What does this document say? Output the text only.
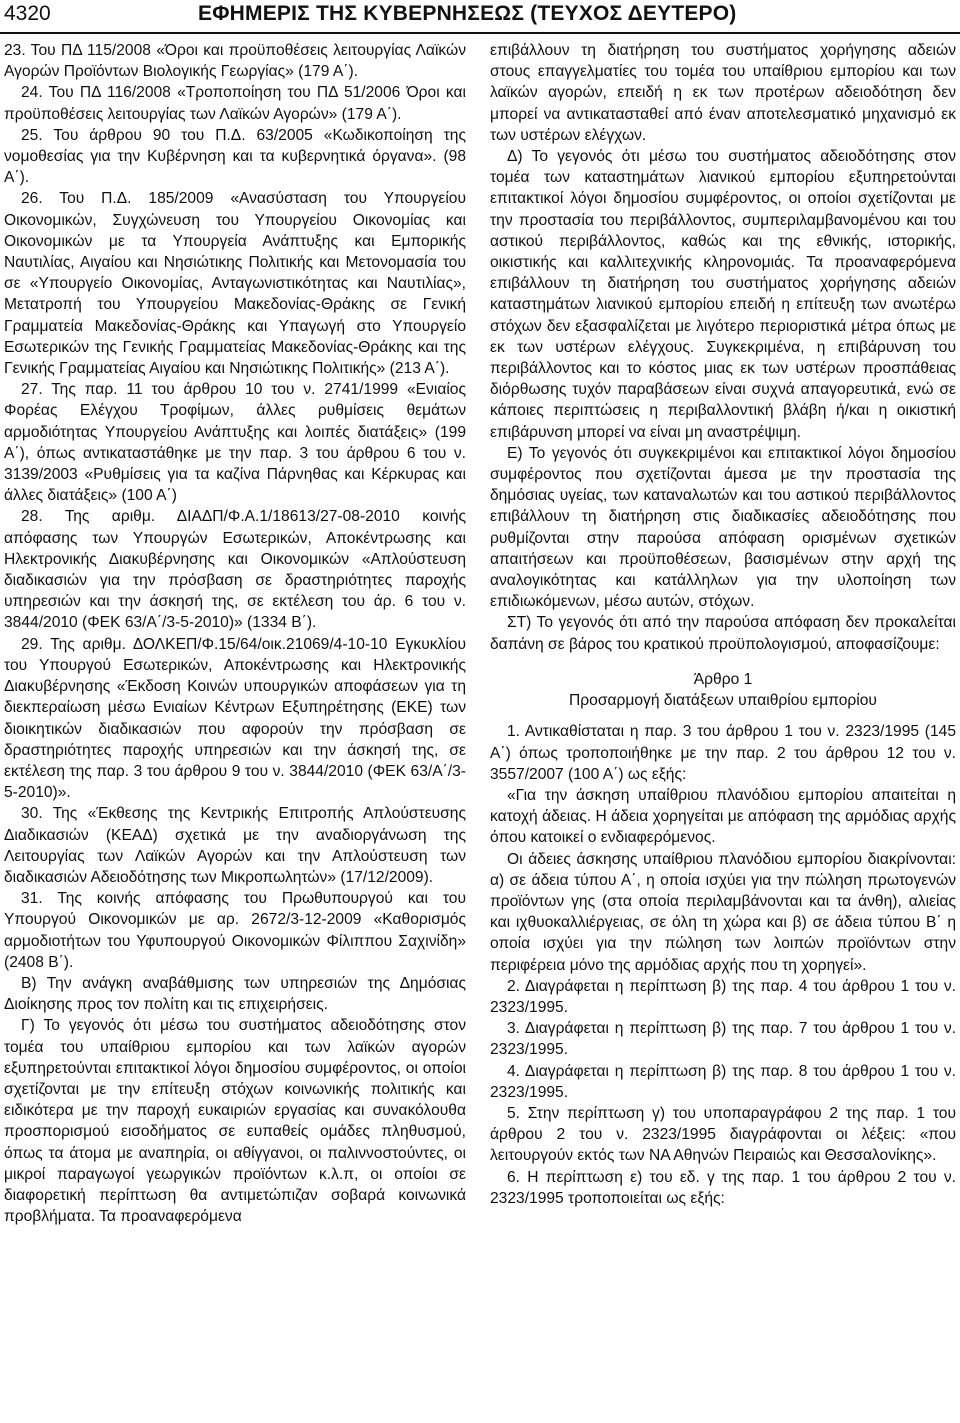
4320	ΕΦΗΜΕΡΙΣ ΤΗΣ ΚΥΒΕΡΝΗΣΕΩΣ (ΤΕΥΧΟΣ ΔΕΥΤΕΡΟ)

23. Του ΠΔ 115/2008 «Όροι και προϋποθέσεις λειτουργίας Λαϊκών Αγορών Προϊόντων Βιολογικής Γεωργίας» (179 Α΄).

24. Του ΠΔ 116/2008 «Τροποποίηση του ΠΔ 51/2006 Όροι και προϋποθέσεις λειτουργίας των Λαϊκών Αγορών» (179 Α΄).

25. Του άρθρου 90 του Π.Δ. 63/2005 «Κωδικοποίηση της νομοθεσίας για την Κυβέρνηση και τα κυβερνητικά όργανα». (98 Α΄).

26. Του Π.Δ. 185/2009 «Ανασύσταση του Υπουργείου Οικονομικών, Συγχώνευση του Υπουργείου Οικονομίας και Οικονομικών με τα Υπουργεία Ανάπτυξης και Εμπορικής Ναυτιλίας, Αιγαίου και Νησιώτικης Πολιτικής και Μετονομασία του σε «Υπουργείο Οικονομίας, Ανταγωνιστικότητας και Ναυτιλίας», Μετατροπή του Υπουργείου Μακεδονίας-Θράκης σε Γενική Γραμματεία Μακεδονίας-Θράκης και Υπαγωγή στο Υπουργείο Εσωτερικών της Γενικής Γραμματείας Μακεδονίας-Θράκης και της Γενικής Γραμματείας Αιγαίου και Νησιώτικης Πολιτικής» (213 Α΄).

27. Της παρ. 11 του άρθρου 10 του ν. 2741/1999 «Ενιαίος Φορέας Ελέγχου Τροφίμων, άλλες ρυθμίσεις θεμάτων αρμοδιότητας Υπουργείου Ανάπτυξης και λοιπές διατάξεις» (199 Α΄), όπως αντικαταστάθηκε με την παρ. 3 του άρθρου 6 του ν. 3139/2003 «Ρυθμίσεις για τα καζίνα Πάρνηθας και Κέρκυρας και άλλες διατάξεις» (100 Α΄)

28. Της αριθμ. ΔΙΑΔΠ/Φ.Α.1/18613/27-08-2010 κοινής απόφασης των Υπουργών Εσωτερικών, Αποκέντρωσης και Ηλεκτρονικής Διακυβέρνησης και Οικονομικών «Απλούστευση διαδικασιών για την πρόσβαση σε δραστηριότητες παροχής υπηρεσιών και την άσκησή της, σε εκτέλεση του άρ. 6 του ν. 3844/2010 (ΦΕΚ 63/Α΄/3-5-2010)» (1334 Β΄).

29. Της αριθμ. ΔΟΛΚΕΠ/Φ.15/64/οικ.21069/4-10-10 Εγκυκλίου του Υπουργού Εσωτερικών, Αποκέντρωσης και Ηλεκτρονικής Διακυβέρνησης «Έκδοση Κοινών υπουργικών αποφάσεων για τη διεκπεραίωση μέσω Ενιαίων Κέντρων Εξυπηρέτησης (ΕΚΕ) των διοικητικών διαδικασιών που αφορούν την πρόσβαση σε δραστηριότητες παροχής υπηρεσιών και την άσκησή της, σε εκτέλεση της παρ. 3 του άρθρου 9 του ν. 3844/2010 (ΦΕΚ 63/Α΄/3-5-2010)».

30. Της «Έκθεσης της Κεντρικής Επιτροπής Απλούστευσης Διαδικασιών (ΚΕΑΔ) σχετικά με την αναδιοργάνωση της Λειτουργίας των Λαϊκών Αγορών και την Απλούστευση των διαδικασιών Αδειοδότησης των Μικροπωλητών» (17/12/2009).

31. Της κοινής απόφασης του Πρωθυπουργού και του Υπουργού Οικονομικών με αρ. 2672/3-12-2009 «Καθορισμός αρμοδιοτήτων του Υφυπουργού Οικονομικών Φίλιππου Σαχινίδη» (2408 Β΄).

Β) Την ανάγκη αναβάθμισης των υπηρεσιών της Δημόσιας Διοίκησης προς τον πολίτη και τις επιχειρήσεις.

Γ) Το γεγονός ότι μέσω του συστήματος αδειοδότησης στον τομέα του υπαίθριου εμπορίου και των λαϊκών αγορών εξυπηρετούνται επιτακτικοί λόγοι δημοσίου συμφέροντος, οι οποίοι σχετίζονται με την επίτευξη στόχων κοινωνικής πολιτικής και ειδικότερα με την παροχή ευκαιριών εργασίας και συνακόλουθα προσπορισμού εισοδήματος σε ευπαθείς ομάδες πληθυσμού, όπως τα άτομα με αναπηρία, οι αθίγγανοι, οι παλιννοστούντες, οι μικροί παραγωγοί γεωργικών προϊόντων κ.λ.π, οι οποίοι σε διαφορετική περίπτωση θα αντιμετώπιζαν σοβαρά κοινωνικά προβλήματα. Τα προαναφερόμενα

επιβάλλουν τη διατήρηση του συστήματος χορήγησης αδειών στους επαγγελματίες του τομέα του υπαίθριου εμπορίου και των λαϊκών αγορών, επειδή η εκ των προτέρων αδειοδότηση δεν μπορεί να αντικατασταθεί από έναν αποτελεσματικό μηχανισμό εκ των υστέρων ελέγχων.

Δ) Το γεγονός ότι μέσω του συστήματος αδειοδότησης στον τομέα των καταστημάτων λιανικού εμπορίου εξυπηρετούνται επιτακτικοί λόγοι δημοσίου συμφέροντος, οι οποίοι σχετίζονται με την προστασία του περιβάλλοντος, συμπεριλαμβανομένου και του αστικού περιβάλλοντος, καθώς και της εθνικής, ιστορικής, οικιστικής και καλλιτεχνικής κληρονομιάς. Τα προαναφερόμενα επιβάλλουν τη διατήρηση του συστήματος χορήγησης αδειών καταστημάτων λιανικού εμπορίου επειδή η επίτευξη των ανωτέρω στόχων δεν εξασφαλίζεται με λιγότερο περιοριστικά μέτρα όπως με εκ των υστέρων ελέγχους. Συγκεκριμένα, η επιβάρυνση του περιβάλλοντος και το κόστος μιας εκ των υστέρων προσπάθειας διόρθωσης τυχόν παραβάσεων είναι συχνά απαγορευτικά, ενώ σε κάποιες περιπτώσεις η περιβαλλοντική βλάβη ή/και η οικιστική επιβάρυνση μπορεί να είναι μη αναστρέψιμη.

Ε) Το γεγονός ότι συγκεκριμένοι και επιτακτικοί λόγοι δημοσίου συμφέροντος που σχετίζονται άμεσα με την προστασία της δημόσιας υγείας, των καταναλωτών και του αστικού περιβάλλοντος επιβάλλουν τη διατήρηση στις διαδικασίες αδειοδότησης που ρυθμίζονται στην παρούσα απόφαση ορισμένων σχετικών απαιτήσεων και προϋποθέσεων, βασισμένων στην αρχή της αναλογικότητας και κατάλληλων για την υλοποίηση των επιδιωκόμενων, μέσω αυτών, στόχων.

ΣΤ) Το γεγονός ότι από την παρούσα απόφαση δεν προκαλείται δαπάνη σε βάρος του κρατικού προϋπολογισμού, αποφασίζουμε:

Άρθρο 1

Προσαρμογή διατάξεων υπαιθρίου εμπορίου

1. Αντικαθίσταται η παρ. 3 του άρθρου 1 του ν. 2323/1995 (145 Α΄) όπως τροποποιήθηκε με την παρ. 2 του άρθρου 12 του ν. 3557/2007 (100 Α΄) ως εξής:

«Για την άσκηση υπαίθριου πλανόδιου εμπορίου απαιτείται η κατοχή άδειας. Η άδεια χορηγείται με απόφαση της αρμόδιας αρχής όπου κατοικεί ο ενδιαφερόμενος.

Οι άδειες άσκησης υπαίθριου πλανόδιου εμπορίου διακρίνονται: α) σε άδεια τύπου Α΄, η οποία ισχύει για την πώληση πρωτογενών προϊόντων γης (στα οποία περιλαμβάνονται και τα άνθη), αλιείας και ιχθυοκαλλιέργειας, σε όλη τη χώρα και β) σε άδεια τύπου Β΄ η οποία ισχύει για την πώληση των λοιπών προϊόντων στην περιφέρεια μόνο της αρμόδιας αρχής που τη χορηγεί».

2. Διαγράφεται η περίπτωση β) της παρ. 4 του άρθρου 1 του ν. 2323/1995.

3. Διαγράφεται η περίπτωση β) της παρ. 7 του άρθρου 1 του ν. 2323/1995.

4. Διαγράφεται η περίπτωση β) της παρ. 8 του άρθρου 1 του ν. 2323/1995.

5. Στην περίπτωση γ) του υποπαραγράφου 2 της παρ. 1 του άρθρου 2 του ν. 2323/1995 διαγράφονται οι λέξεις: «που λειτουργούν εκτός των ΝΑ Αθηνών Πειραιώς και Θεσσαλονίκης».

6. Η περίπτωση ε) του εδ. γ της παρ. 1 του άρθρου 2 του ν. 2323/1995 τροποποιείται ως εξής:
